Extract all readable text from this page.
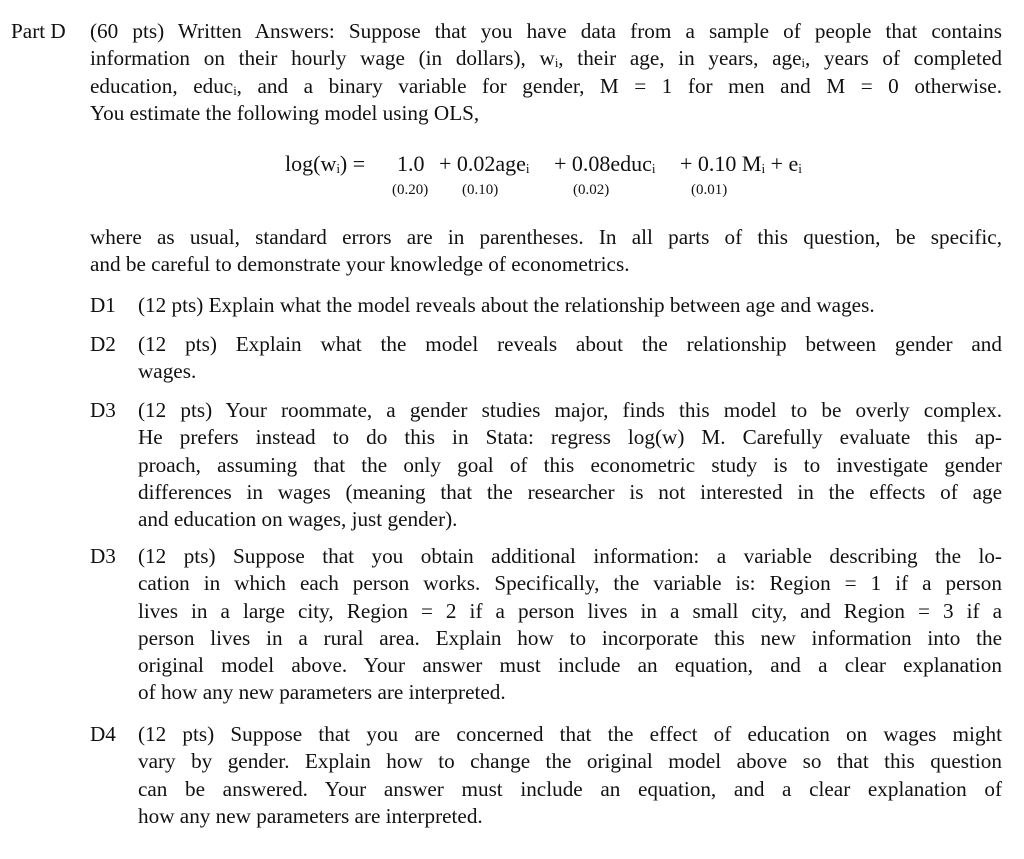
Part D (60 pts) Written Answers: Suppose that you have data from a sample of people that contains
information on their hourly wage (in dollars), wᵢ, their age, in years, ageᵢ, years of completed
education, educᵢ, and a binary variable for gender, M = 1 for men and M = 0 otherwise.
You estimate the following model using OLS,
log(wᵢ) = 1.0 + 0.02ageᵢ + 0.08educᵢ + 0.10 Mᵢ + eᵢ
(0.20) (0.10)	(0.02)	(0.01)
where as usual, standard errors are in parentheses. In all parts of this question, be specific,
and be careful to demonstrate your knowledge of econometrics.
D1 (12 pts) Explain what the model reveals about the relationship between age and wages.
D2 (12 pts) Explain what the model reveals about the relationship between gender and
wages.
D3 (12 pts) Your roommate, a gender studies major, finds this model to be overly complex.
He prefers instead to do this in Stata: regress log(w) M. Carefully evaluate this ap-
proach, assuming that the only goal of this econometric study is to investigate gender
differences in wages (meaning that the researcher is not interested in the effects of age
and education on wages, just gender).
D3 (12 pts) Suppose that you obtain additional information: a variable describing the lo-
cation in which each person works. Specifically, the variable is: Region = 1 if a person
lives in a large city, Region = 2 if a person lives in a small city, and Region = 3 if a
person lives in a rural area. Explain how to incorporate this new information into the
original model above. Your answer must include an equation, and a clear explanation
of how any new parameters are interpreted.
D4 (12 pts) Suppose that you are concerned that the effect of education on wages might
vary by gender. Explain how to change the original model above so that this question
can be answered. Your answer must include an equation, and a clear explanation of
how any new parameters are interpreted.
